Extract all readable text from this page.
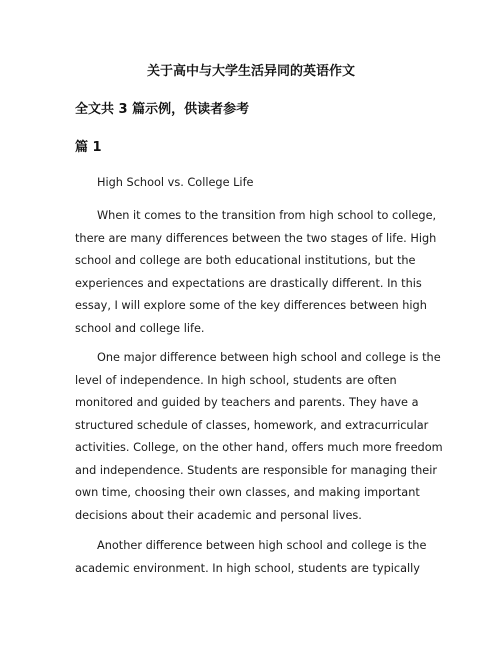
关于高中与大学生活异同的英语作文
全文共 3 篇示例，供读者参考
篇 1

High School vs. College Life

When it comes to the transition from high school to college,
there are many differences between the two stages of life. High
school and college are both educational institutions, but the
experiences and expectations are drastically different. In this
essay, I will explore some of the key differences between high
school and college life.

One major difference between high school and college is the
level of independence. In high school, students are often
monitored and guided by teachers and parents. They have a
structured schedule of classes, homework, and extracurricular
activities. College, on the other hand, offers much more freedom
and independence. Students are responsible for managing their
own time, choosing their own classes, and making important
decisions about their academic and personal lives.

Another difference between high school and college is the
academic environment. In high school, students are typically
